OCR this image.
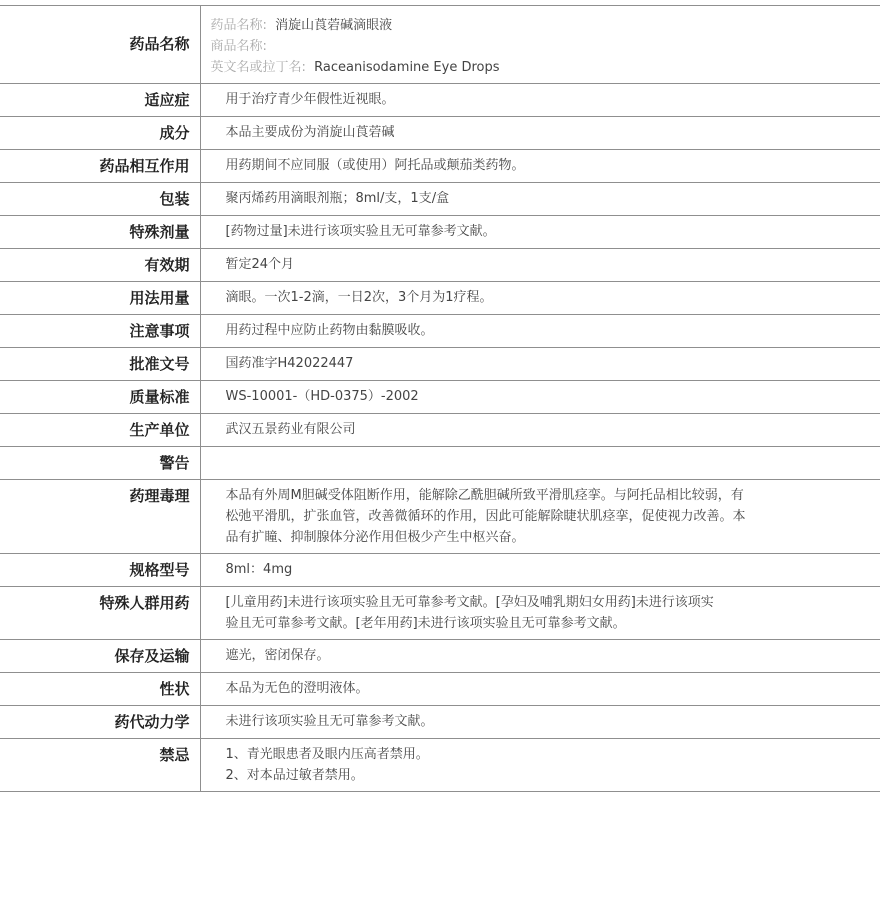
药品名称	药品名称: 消旋山莨菪碱滴眼液
商品名称:
英文名或拉丁名: Raceanisodamine Eye Drops

适应症	用于治疗青少年假性近视眼。
成分	本品主要成份为消旋山莨菪碱
药品相互作用	用药期间不应同服（或使用）阿托品或颠茄类药物。
包装	聚丙烯药用滴眼剂瓶；8ml/支，1支/盒
特殊剂量	[药物过量]未进行该项实验且无可靠参考文献。
有效期	暂定24个月
用法用量	滴眼。一次1-2滴，一日2次，3个月为1疗程。
注意事项	用药过程中应防止药物由黏膜吸收。
批准文号	国药准字H42022447
质量标准	WS-10001-（HD-0375）-2002
生产单位	武汉五景药业有限公司
警告	
药理毒理	本品有外周M胆碱受体阻断作用，能解除乙酰胆碱所致平滑肌痉挛。与阿托品相比较弱，有
松弛平滑肌，扩张血管，改善微循环的作用，因此可能解除睫状肌痉挛，促使视力改善。本
品有扩瞳、抑制腺体分泌作用但极少产生中枢兴奋。

规格型号	8ml：4mg
特殊人群用药	[儿童用药]未进行该项实验且无可靠参考文献。[孕妇及哺乳期妇女用药]未进行该项实
验且无可靠参考文献。[老年用药]未进行该项实验且无可靠参考文献。

保存及运输	遮光，密闭保存。
性状	本品为无色的澄明液体。
药代动力学	未进行该项实验且无可靠参考文献。
禁忌	1、青光眼患者及眼内压高者禁用。
2、对本品过敏者禁用。
